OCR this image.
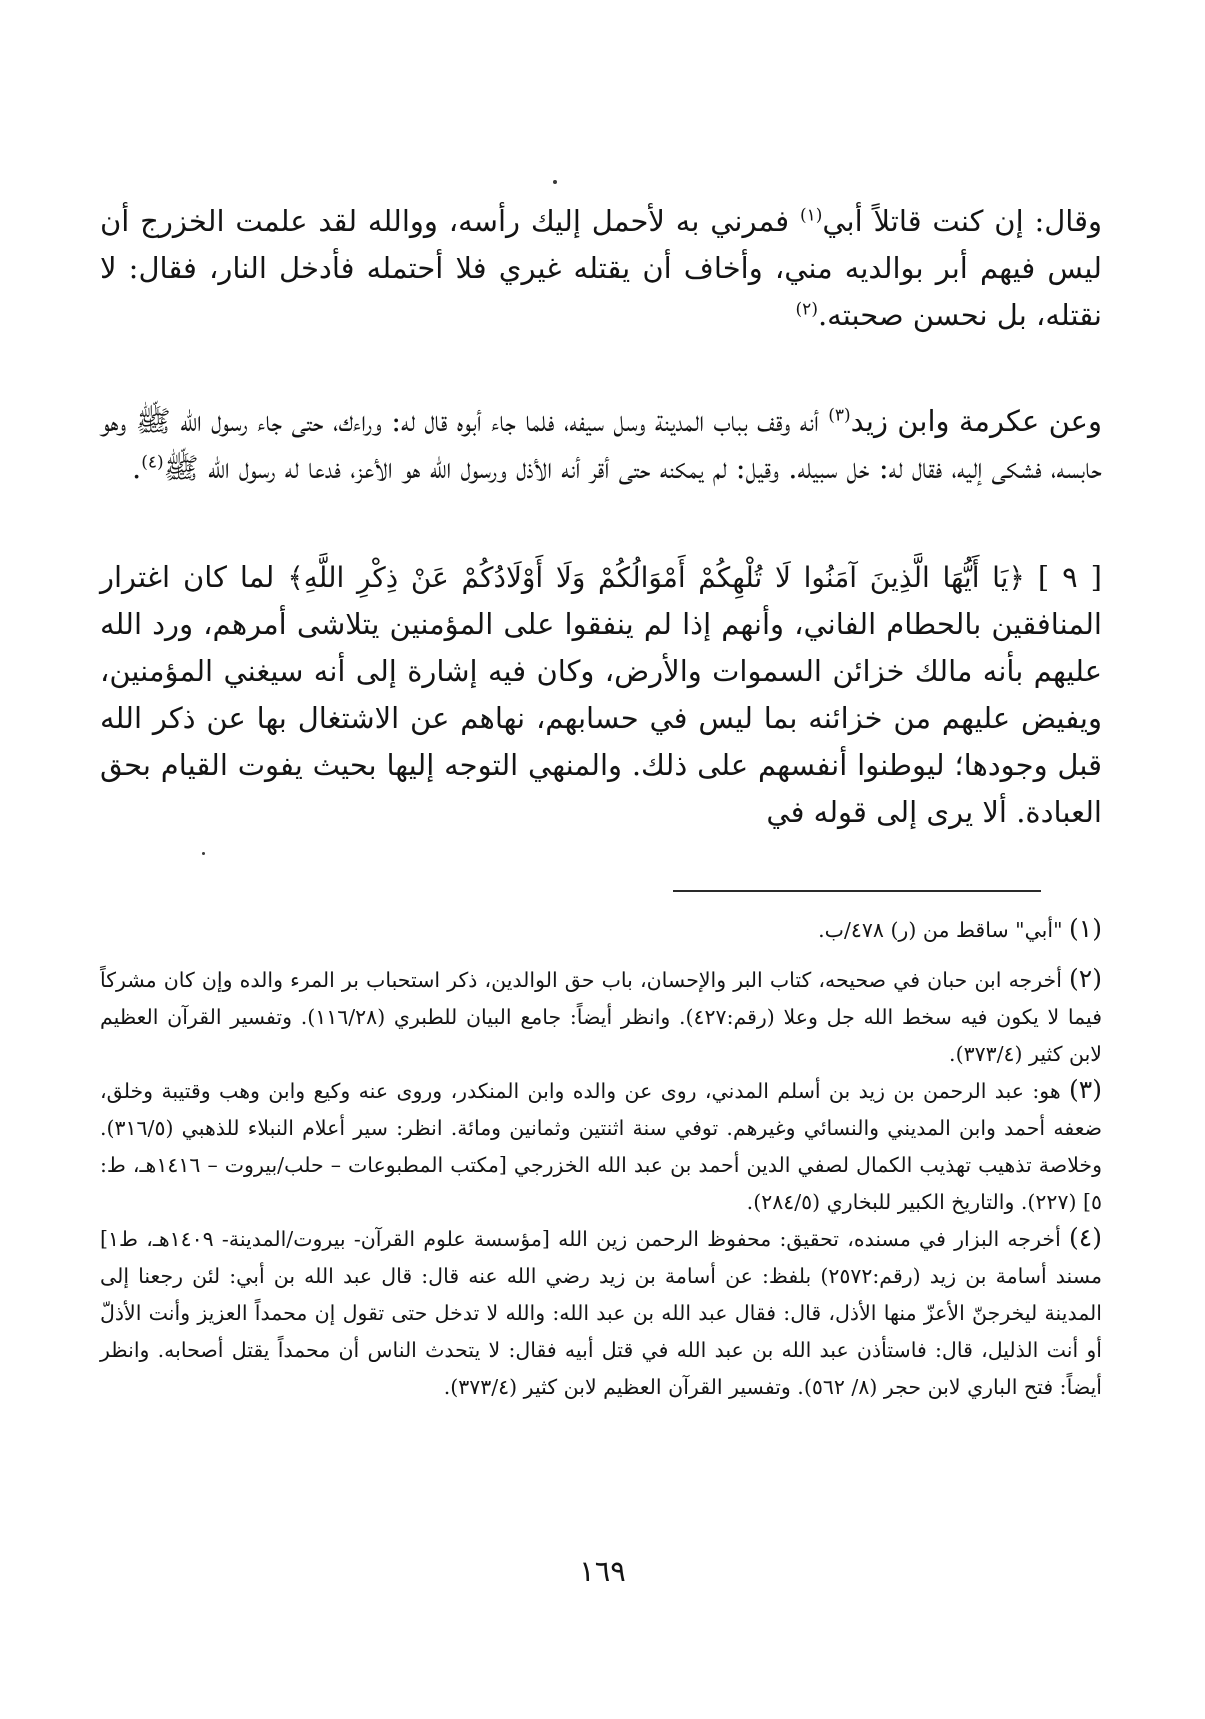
وقال: إن كنت قاتلاً أبي$^{(١)}$ فمرني به لأحمل إليك رأسه، ووالله لقد علمت الخزرج أن ليس فيهم أبر بوالديه مني، وأخاف أن يقتله غيري فلا أحتمله فأدخل النار، فقال: لا نقتله، بل نحسن صحبته.$^{(٢)}$

وعن عكرمة وابن زيد$^{(٣)}$ أنه وقف بباب المدينة وسل سيفه، فلما جاء أبوه قال له: وراءك، حتى جاء رسول الله ﷺ وهو حابسه، فشكى إليه، فقال له: خل سبيله. وقيل: لم يمكنه حتى أقر أنه الأذل ورسول الله هو الأعز، فدعا له رسول الله ﷺ$^{(٤)}$.

[ ٩ ] ﴿يَا أَيُّهَا الَّذِينَ آمَنُوا لَا تُلْهِكُمْ أَمْوَالُكُمْ وَلَا أَوْلَادُكُمْ عَنْ ذِكْرِ اللَّهِ﴾ لما كان اغترار المنافقين بالحطام الفاني، وأنهم إذا لم ينفقوا على المؤمنين يتلاشى أمرهم، ورد الله عليهم بأنه مالك خزائن السموات والأرض، وكان فيه إشارة إلى أنه سيغني المؤمنين، ويفيض عليهم من خزائنه بما ليس في حسابهم، نهاهم عن الاشتغال بها عن ذكر الله قبل وجودها؛ ليوطنوا أنفسهم على ذلك. والمنهي التوجه إليها بحيث يفوت القيام بحق العبادة. ألا يرى إلى قوله في

(١) "أبي" ساقط من (ر) ٤٧٨/ب.

(٢) أخرجه ابن حبان في صحيحه، كتاب البر والإحسان، باب حق الوالدين، ذكر استحباب بر المرء والده وإن كان مشركاً فيما لا يكون فيه سخط الله جل وعلا (رقم:٤٢٧). وانظر أيضاً: جامع البيان للطبري (١١٦/٢٨). وتفسير القرآن العظيم لابن كثير (٣٧٣/٤).

(٣) هو: عبد الرحمن بن زيد بن أسلم المدني، روى عن والده وابن المنكدر، وروى عنه وكيع وابن وهب وقتيبة وخلق، ضعفه أحمد وابن المديني والنسائي وغيرهم. توفي سنة اثنتين وثمانين ومائة. انظر: سير أعلام النبلاء للذهبي (٣١٦/٥). وخلاصة تذهيب تهذيب الكمال لصفي الدين أحمد بن عبد الله الخزرجي [مكتب المطبوعات – حلب/بيروت – ١٤١٦هـ، ط: ٥] (٢٢٧). والتاريخ الكبير للبخاري (٢٨٤/٥).

(٤) أخرجه البزار في مسنده، تحقيق: محفوظ الرحمن زين الله [مؤسسة علوم القرآن- بيروت/المدينة- ١٤٠٩هـ، ط١] مسند أسامة بن زيد (رقم:٢٥٧٢) بلفظ: عن أسامة بن زيد رضي الله عنه قال: قال عبد الله بن أبي: لئن رجعنا إلى المدينة ليخرجنّ الأعزّ منها الأذل، قال: فقال عبد الله بن عبد الله: والله لا تدخل حتى تقول إن محمداً العزيز وأنت الأذلّ أو أنت الذليل، قال: فاستأذن عبد الله بن عبد الله في قتل أبيه فقال: لا يتحدث الناس أن محمداً يقتل أصحابه. وانظر أيضاً: فتح الباري لابن حجر (٨/ ٥٦٢). وتفسير القرآن العظيم لابن كثير (٣٧٣/٤).

١٦٩
